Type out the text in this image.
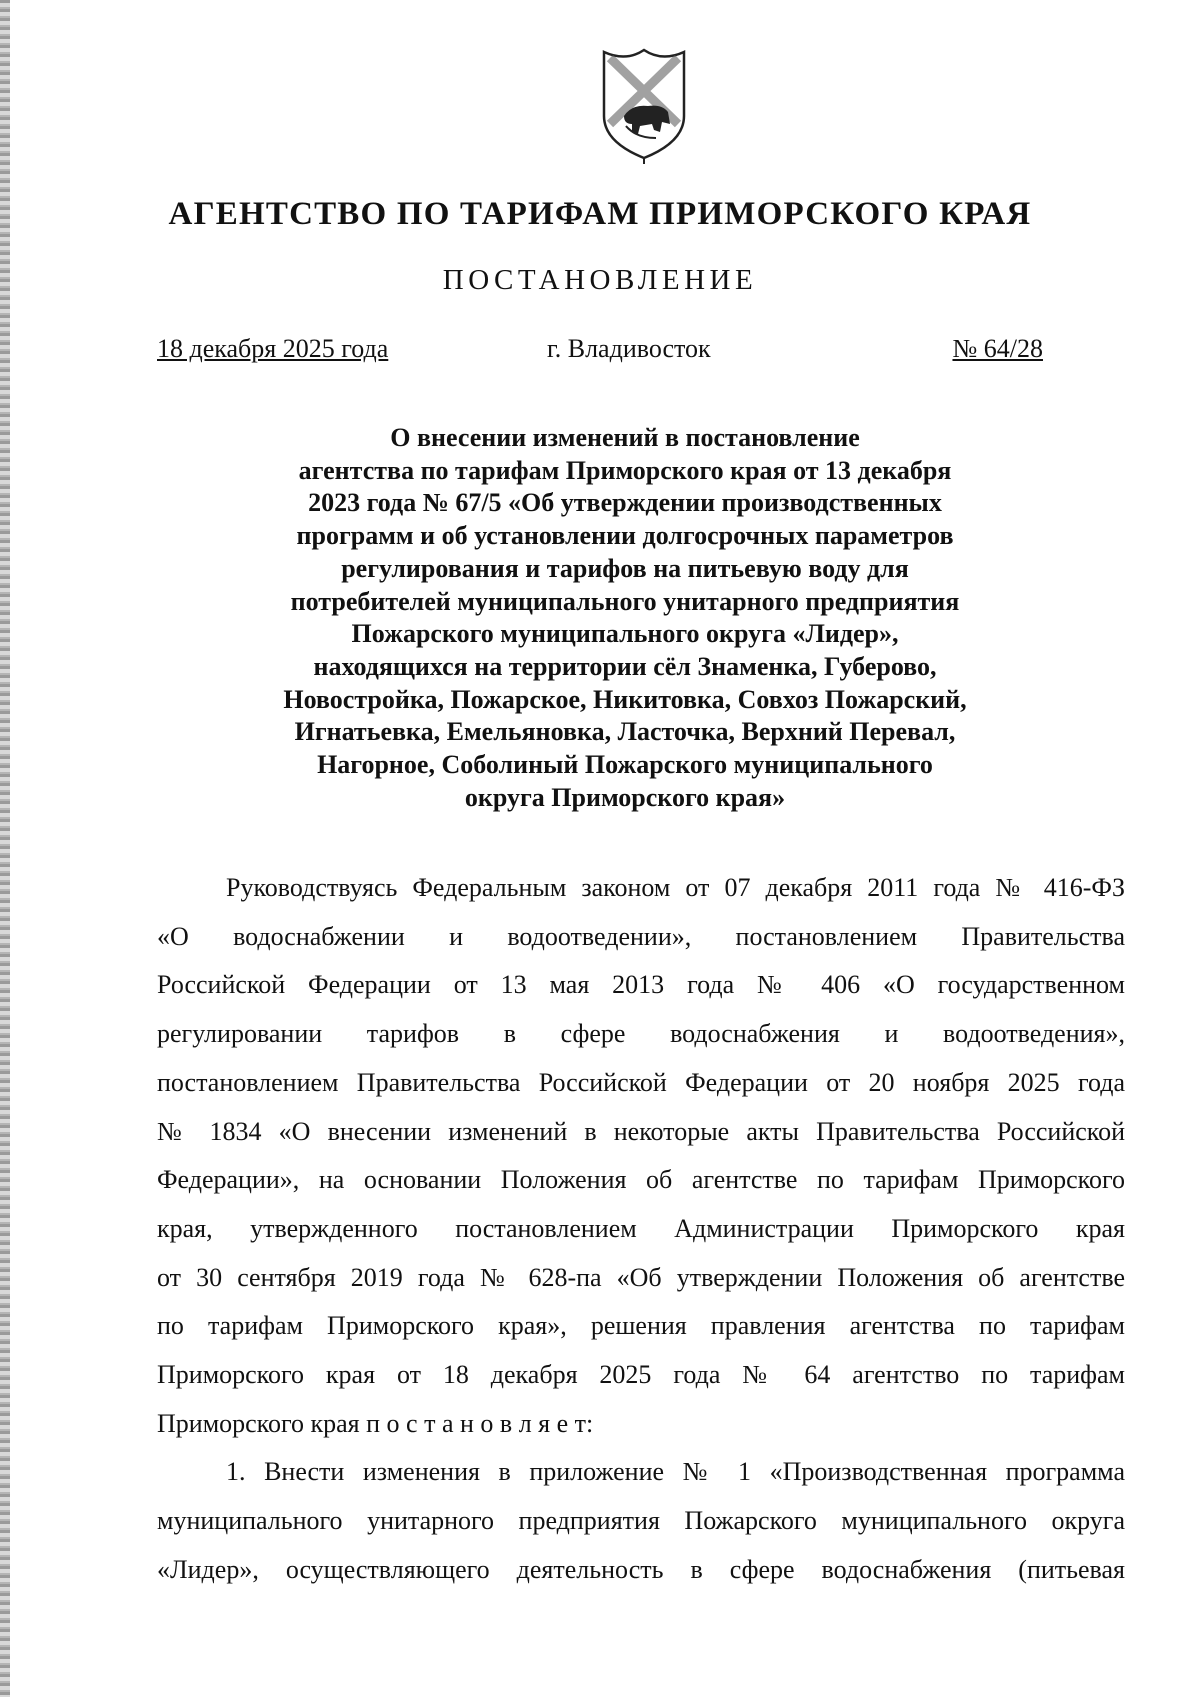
АГЕНТСТВО ПО ТАРИФАМ ПРИМОРСКОГО КРАЯ
ПОСТАНОВЛЕНИЕ
18 декабря 2025 года	г. Владивосток	№ 64/28
О внесении изменений в постановление
агентства по тарифам Приморского края от 13 декабря
2023 года № 67/5 «Об утверждении производственных
программ и об установлении долгосрочных параметров
регулирования и тарифов на питьевую воду для
потребителей муниципального унитарного предприятия
Пожарского муниципального округа «Лидер»,
находящихся на территории сёл Знаменка, Губерово,
Новостройка, Пожарское, Никитовка, Совхоз Пожарский,
Игнатьевка, Емельяновка, Ласточка, Верхний Перевал,
Нагорное, Соболиный Пожарского муниципального
округа Приморского края»
Руководствуясь Федеральным законом от 07 декабря 2011 года № 416-ФЗ
«О водоснабжении и водоотведении», постановлением Правительства
Российской Федерации от 13 мая 2013 года № 406 «О государственном
регулировании тарифов в сфере водоснабжения и водоотведения»,
постановлением Правительства Российской Федерации от 20 ноября 2025 года
№ 1834 «О внесении изменений в некоторые акты Правительства Российской
Федерации», на основании Положения об агентстве по тарифам Приморского
края, утвержденного постановлением Администрации Приморского края
от 30 сентября 2019 года № 628-па «Об утверждении Положения об агентстве
по тарифам Приморского края», решения правления агентства по тарифам
Приморского края от 18 декабря 2025 года № 64 агентство по тарифам
Приморского края п о с т а н о в л я е т:
1. Внести изменения в приложение № 1 «Производственная программа
муниципального унитарного предприятия Пожарского муниципального округа
«Лидер», осуществляющего деятельность в сфере водоснабжения (питьевая
